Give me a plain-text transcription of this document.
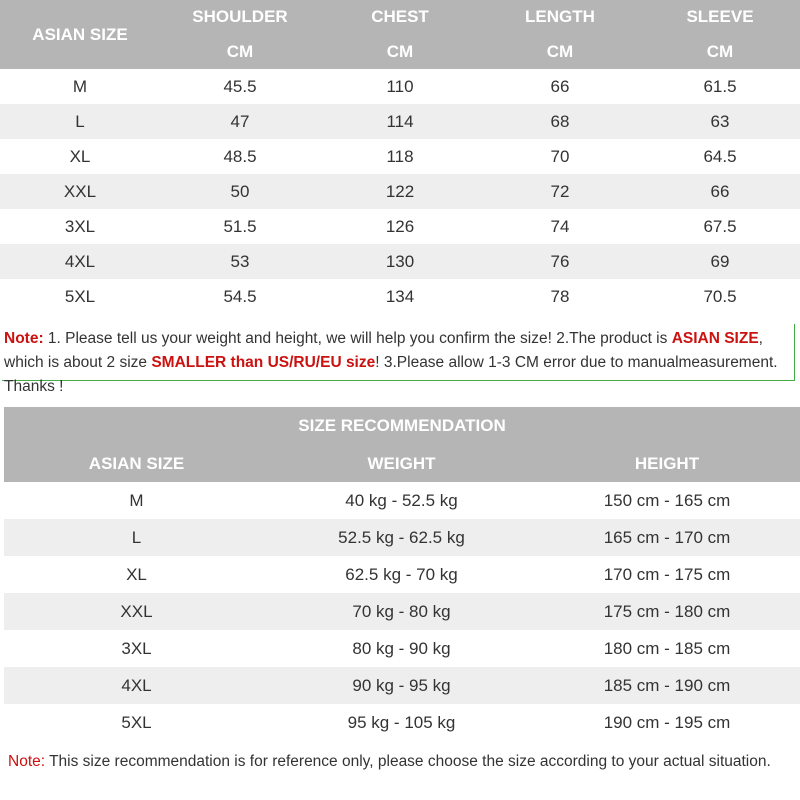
ASIAN SIZE	SHOULDER	CHEST	LENGTH	SLEEVE
	CM	CM	CM	CM
M	45.5	110	66	61.5
L	47	114	68	63
XL	48.5	118	70	64.5
XXL	50	122	72	66
3XL	51.5	126	74	67.5
4XL	53	130	76	69
5XL	54.5	134	78	70.5
Note: 1. Please tell us your weight and height, we will help you confirm the size! 2.The product is ASIAN SIZE, which is about 2 size SMALLER than US/RU/EU size! 3.Please allow 1-3 CM error due to manualmeasurement. Thanks !
SIZE RECOMMENDATION		
ASIAN SIZE	WEIGHT	HEIGHT
M	40 kg - 52.5 kg	150 cm - 165 cm
L	52.5 kg - 62.5 kg	165 cm - 170 cm
XL	62.5 kg - 70 kg	170 cm - 175 cm
XXL	70 kg - 80 kg	175 cm - 180 cm
3XL	80 kg - 90 kg	180 cm - 185 cm
4XL	90 kg - 95 kg	185 cm - 190 cm
5XL	95 kg - 105 kg	190 cm - 195 cm
Note: This size recommendation is for reference only, please choose the size according to your actual situation.
